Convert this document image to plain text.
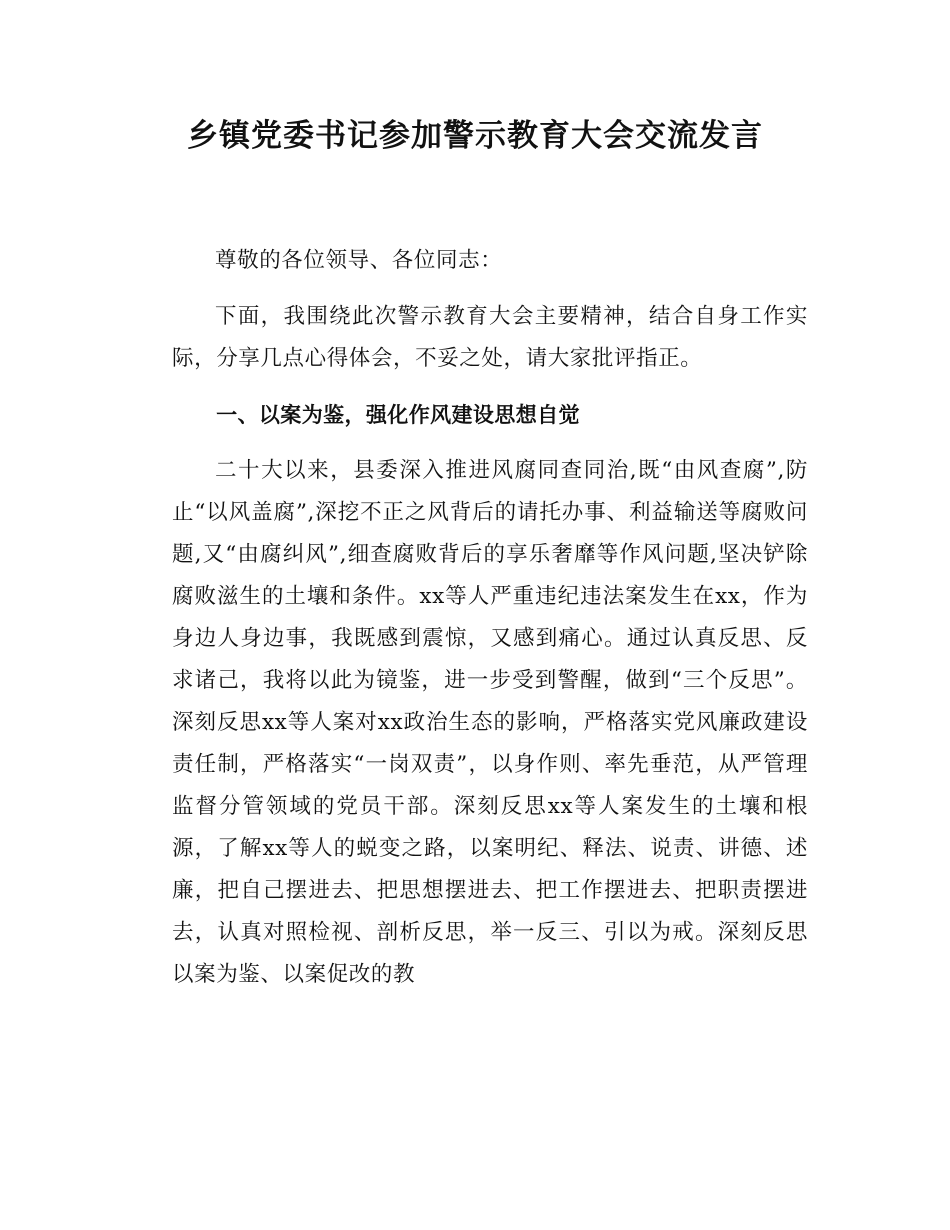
乡镇党委书记参加警示教育大会交流发言

尊敬的各位领导、各位同志：

下面，我围绕此次警示教育大会主要精神，结合自身工作实际，分享几点心得体会，不妥之处，请大家批评指正。

一、以案为鉴，强化作风建设思想自觉

二十大以来，县委深入推进风腐同查同治,既“由风查腐”,防止“以风盖腐”,深挖不正之风背后的请托办事、利益输送等腐败问题,又“由腐纠风”,细查腐败背后的享乐奢靡等作风问题,坚决铲除腐败滋生的土壤和条件。xx等人严重违纪违法案发生在xx，作为身边人身边事，我既感到震惊，又感到痛心。通过认真反思、反求诸己，我将以此为镜鉴，进一步受到警醒，做到“三个反思”。深刻反思xx等人案对xx政治生态的影响，严格落实党风廉政建设责任制，严格落实“一岗双责”，以身作则、率先垂范，从严管理监督分管领域的党员干部。深刻反思xx等人案发生的土壤和根源，了解xx等人的蜕变之路，以案明纪、释法、说责、讲德、述廉，把自己摆进去、把思想摆进去、把工作摆进去、把职责摆进去，认真对照检视、剖析反思，举一反三、引以为戒。深刻反思以案为鉴、以案促改的教
